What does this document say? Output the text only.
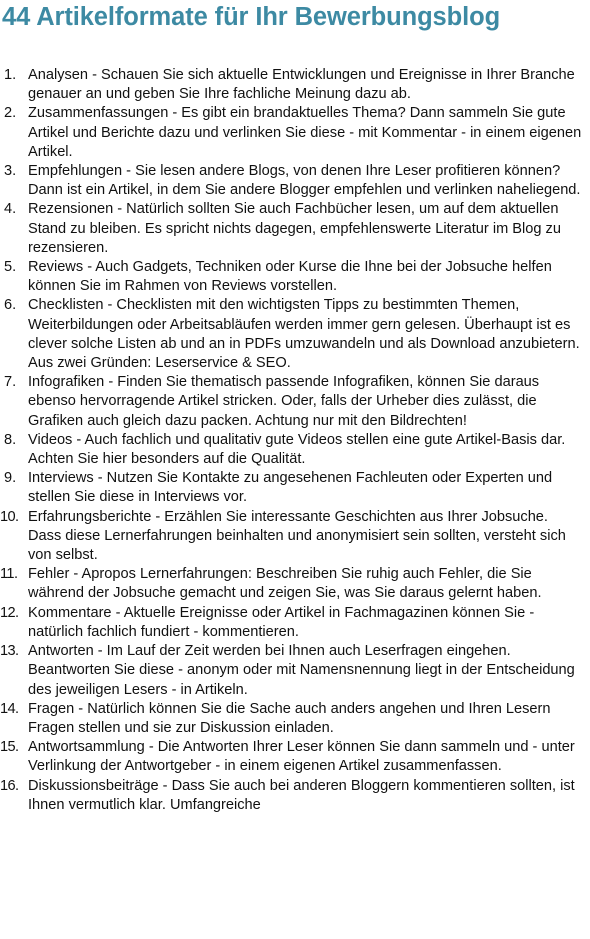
44 Artikelformate für Ihr Bewerbungsblog
1. Analysen - Schauen Sie sich aktuelle Entwicklungen und Ereignisse in Ihrer Branche genauer an und geben Sie Ihre fachliche Meinung dazu ab.
2. Zusammenfassungen - Es gibt ein brandaktuelles Thema? Dann sammeln Sie gute Artikel und Berichte dazu und verlinken Sie diese - mit Kommentar - in einem eigenen Artikel.
3. Empfehlungen - Sie lesen andere Blogs, von denen Ihre Leser profitieren können? Dann ist ein Artikel, in dem Sie andere Blogger empfehlen und verlinken naheliegend.
4. Rezensionen - Natürlich sollten Sie auch Fachbücher lesen, um auf dem aktuellen Stand zu bleiben. Es spricht nichts dagegen, empfehlenswerte Literatur im Blog zu rezensieren.
5. Reviews - Auch Gadgets, Techniken oder Kurse die Ihne bei der Jobsuche helfen können Sie im Rahmen von Reviews vorstellen.
6. Checklisten - Checklisten mit den wichtigsten Tipps zu bestimmten Themen, Weiterbildungen oder Arbeitsabläufen werden immer gern gelesen. Überhaupt ist es clever solche Listen ab und an in PDFs umzuwandeln und als Download anzubietern. Aus zwei Gründen: Leserservice & SEO.
7. Infografiken - Finden Sie thematisch passende Infografiken, können Sie daraus ebenso hervorragende Artikel stricken. Oder, falls der Urheber dies zulässt, die Grafiken auch gleich dazu packen. Achtung nur mit den Bildrechten!
8. Videos - Auch fachlich und qualitativ gute Videos stellen eine gute Artikel-Basis dar. Achten Sie hier besonders auf die Qualität.
9. Interviews - Nutzen Sie Kontakte zu angesehenen Fachleuten oder Experten und stellen Sie diese in Interviews vor.
10. Erfahrungsberichte - Erzählen Sie interessante Geschichten aus Ihrer Jobsuche. Dass diese Lernerfahrungen beinhalten und anonymisiert sein sollten, versteht sich von selbst.
11. Fehler - Apropos Lernerfahrungen: Beschreiben Sie ruhig auch Fehler, die Sie während der Jobsuche gemacht und zeigen Sie, was Sie daraus gelernt haben.
12. Kommentare - Aktuelle Ereignisse oder Artikel in Fachmagazinen können Sie - natürlich fachlich fundiert - kommentieren.
13. Antworten - Im Lauf der Zeit werden bei Ihnen auch Leserfragen eingehen. Beantworten Sie diese - anonym oder mit Namensnennung liegt in der Entscheidung des jeweiligen Lesers - in Artikeln.
14. Fragen - Natürlich können Sie die Sache auch anders angehen und Ihren Lesern Fragen stellen und sie zur Diskussion einladen.
15. Antwortsammlung - Die Antworten Ihrer Leser können Sie dann sammeln und - unter Verlinkung der Antwortgeber - in einem eigenen Artikel zusammenfassen.
16. Diskussionsbeiträge - Dass Sie auch bei anderen Bloggern kommentieren sollten, ist Ihnen vermutlich klar. Umfangreiche
